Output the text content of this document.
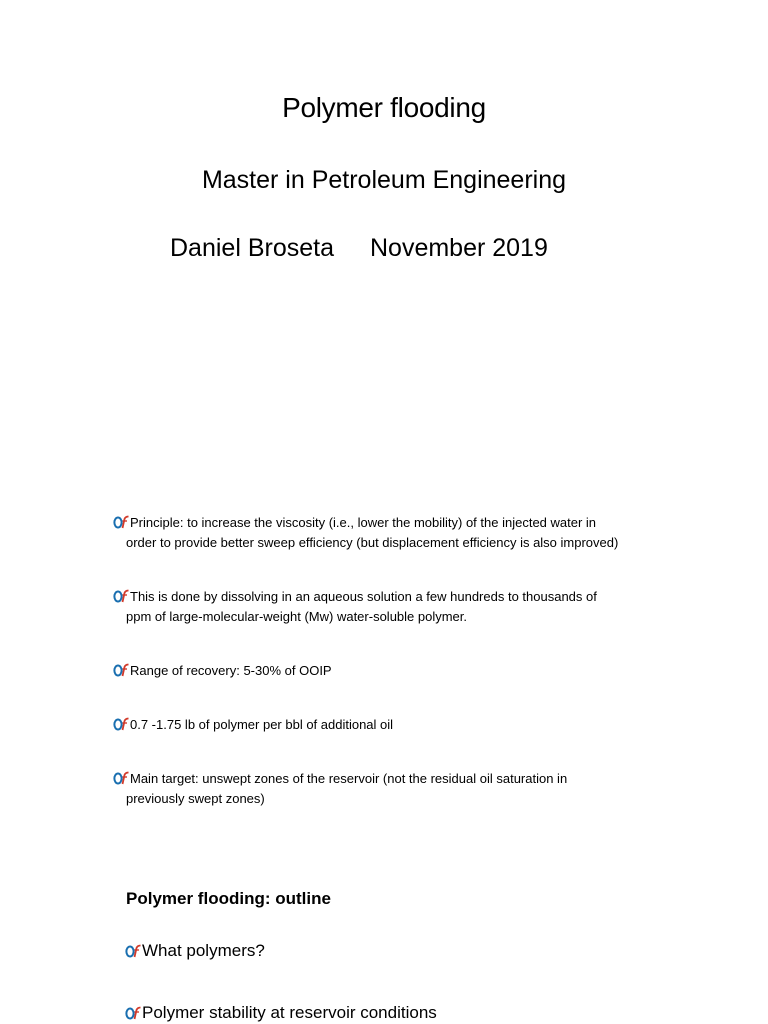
Polymer flooding
Master in Petroleum Engineering
Daniel Broseta November 2019
Principle: to increase the viscosity (i.e., lower the mobility) of the injected water in
order to provide better sweep efficiency (but displacement efficiency is also improved)
This is done by dissolving in an aqueous solution a few hundreds to thousands of
ppm of large-molecular-weight (Mw) water-soluble polymer.
Range of recovery: 5-30% of OOIP
0.7 -1.75 lb of polymer per bbl of additional oil
Main target: unswept zones of the reservoir (not the residual oil saturation in
previously swept zones)
Polymer flooding: outline
What polymers?
Polymer stability at reservoir conditions
